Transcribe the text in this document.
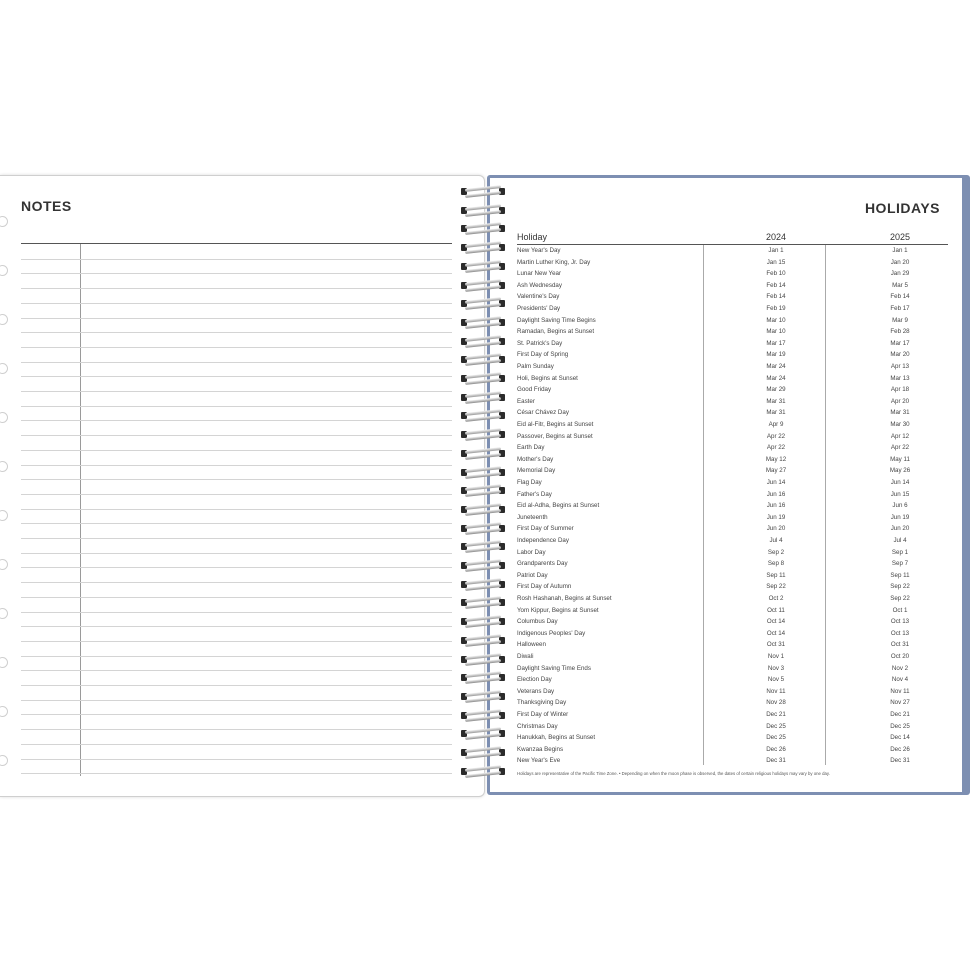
NOTES	HOLIDAYS
Holiday	2024	2025
New Year's Day	Jan 1	Jan 1
Martin Luther King, Jr. Day	Jan 15	Jan 20
Lunar New Year	Feb 10	Jan 29
Ash Wednesday	Feb 14	Mar 5
Valentine's Day	Feb 14	Feb 14
Presidents' Day	Feb 19	Feb 17
Daylight Saving Time Begins	Mar 10	Mar 9
Ramadan, Begins at Sunset	Mar 10	Feb 28
St. Patrick's Day	Mar 17	Mar 17
First Day of Spring	Mar 19	Mar 20
Palm Sunday	Mar 24	Apr 13
Holi, Begins at Sunset	Mar 24	Mar 13
Good Friday	Mar 29	Apr 18
Easter	Mar 31	Apr 20
César Chávez Day	Mar 31	Mar 31
Eid al-Fitr, Begins at Sunset	Apr 9	Mar 30
Passover, Begins at Sunset	Apr 22	Apr 12
Earth Day	Apr 22	Apr 22
Mother's Day	May 12	May 11
Memorial Day	May 27	May 26
Flag Day	Jun 14	Jun 14
Father's Day	Jun 16	Jun 15
Eid al-Adha, Begins at Sunset	Jun 16	Jun 6
Juneteenth	Jun 19	Jun 19
First Day of Summer	Jun 20	Jun 20
Independence Day	Jul 4	Jul 4
Labor Day	Sep 2	Sep 1
Grandparents Day	Sep 8	Sep 7
Patriot Day	Sep 11	Sep 11
First Day of Autumn	Sep 22	Sep 22
Rosh Hashanah, Begins at Sunset	Oct 2	Sep 22
Yom Kippur, Begins at Sunset	Oct 11	Oct 1
Columbus Day	Oct 14	Oct 13
Indigenous Peoples' Day	Oct 14	Oct 13
Halloween	Oct 31	Oct 31
Diwali	Nov 1	Oct 20
Daylight Saving Time Ends	Nov 3	Nov 2
Election Day	Nov 5	Nov 4
Veterans Day	Nov 11	Nov 11
Thanksgiving Day	Nov 28	Nov 27
First Day of Winter	Dec 21	Dec 21
Christmas Day	Dec 25	Dec 25
Hanukkah, Begins at Sunset	Dec 25	Dec 14
Kwanzaa Begins	Dec 26	Dec 26
New Year's Eve	Dec 31	Dec 31
Holidays are representative of the Pacific Time Zone. • Depending on when the moon phase is observed, the dates of certain religious holidays may vary by one day.
